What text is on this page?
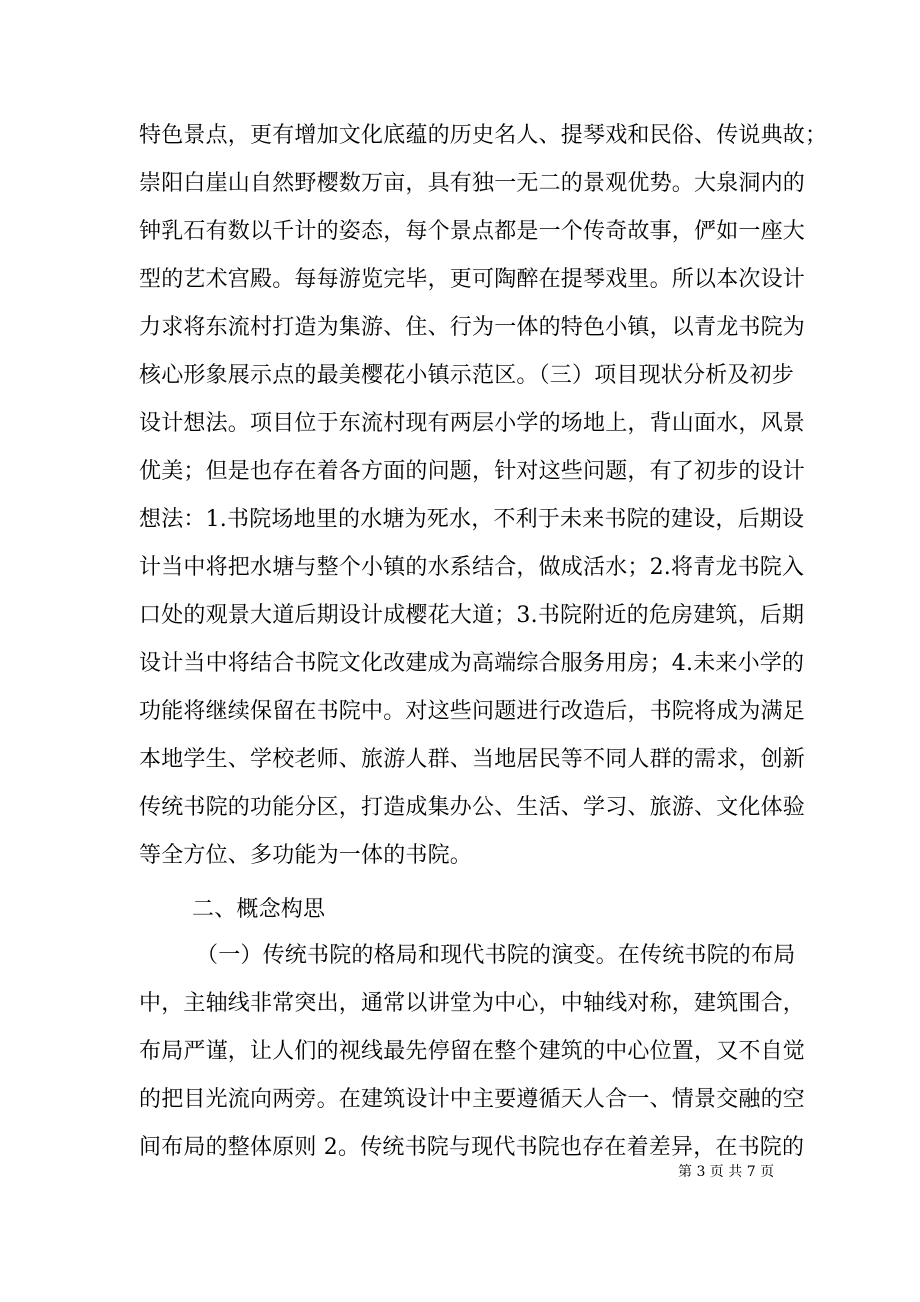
特色景点，更有增加文化底蕴的历史名人、提琴戏和民俗、传说典故；
崇阳白崖山自然野樱数万亩，具有独一无二的景观优势。大泉洞内的
钟乳石有数以千计的姿态，每个景点都是一个传奇故事，俨如一座大
型的艺术宫殿。每每游览完毕，更可陶醉在提琴戏里。所以本次设计
力求将东流村打造为集游、住、行为一体的特色小镇，以青龙书院为
核心形象展示点的最美樱花小镇示范区。（三）项目现状分析及初步
设计想法。项目位于东流村现有两层小学的场地上，背山面水，风景
优美；但是也存在着各方面的问题，针对这些问题，有了初步的设计
想法：1.书院场地里的水塘为死水，不利于未来书院的建设，后期设
计当中将把水塘与整个小镇的水系结合，做成活水；2.将青龙书院入
口处的观景大道后期设计成樱花大道；3.书院附近的危房建筑，后期
设计当中将结合书院文化改建成为高端综合服务用房；4.未来小学的
功能将继续保留在书院中。对这些问题进行改造后，书院将成为满足
本地学生、学校老师、旅游人群、当地居民等不同人群的需求，创新
传统书院的功能分区，打造成集办公、生活、学习、旅游、文化体验
等全方位、多功能为一体的书院。
二、概念构思
（一）传统书院的格局和现代书院的演变。在传统书院的布局
中，主轴线非常突出，通常以讲堂为中心，中轴线对称，建筑围合，
布局严谨，让人们的视线最先停留在整个建筑的中心位置，又不自觉
的把目光流向两旁。在建筑设计中主要遵循天人合一、情景交融的空
间布局的整体原则 2。传统书院与现代书院也存在着差异，在书院的
第 3 页 共 7 页
